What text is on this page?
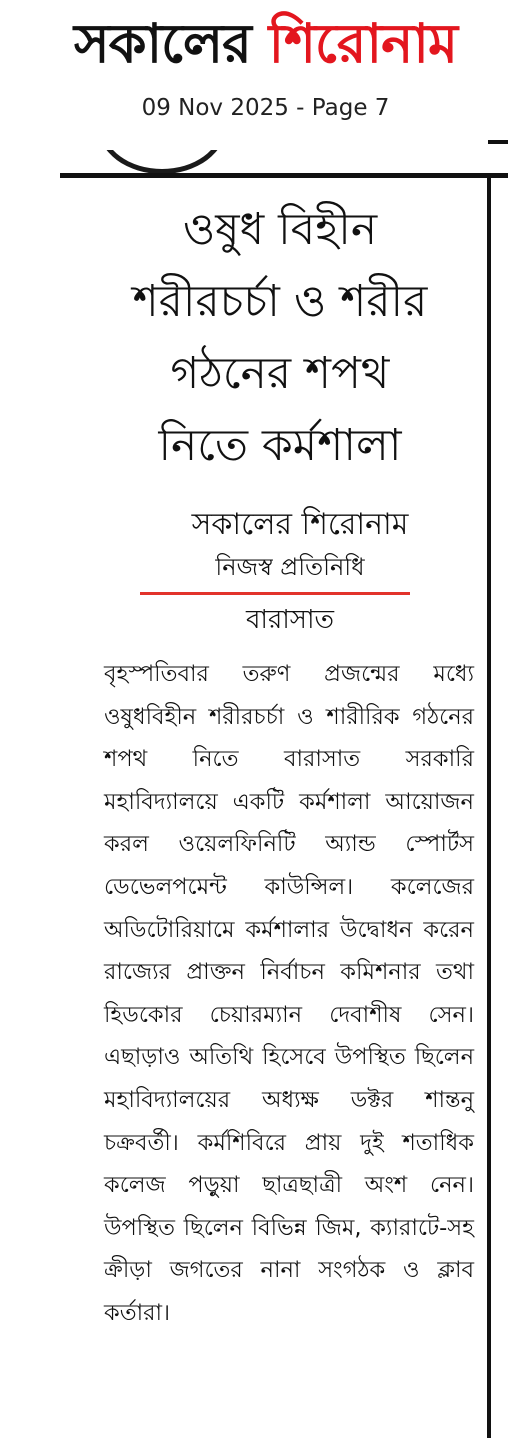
সকালের শিরোনাম
09 Nov 2025 - Page 7
ওষুধ বিহীন
শরীরচর্চা ও শরীর
গঠনের শপথ
নিতে কর্মশালা
সকালের শিরোনাম
নিজস্ব প্রতিনিধি
বারাসাত

বৃহস্পতিবার তরুণ প্রজন্মের মধ্যে ওষুধবিহীন শরীরচর্চা ও শারীরিক গঠনের শপথ নিতে বারাসাত সরকারি মহাবিদ্যালয়ে একটি কর্মশালা আয়োজন করল ওয়েলফিনিটি অ্যান্ড স্পোর্টস ডেভেলপমেন্ট কাউন্সিল। কলেজের অডিটোরিয়ামে কর্মশালার উদ্বোধন করেন রাজ্যের প্রাক্তন নির্বাচন কমিশনার তথা হিডকোর চেয়ারম্যান দেবাশীষ সেন। এছাড়াও অতিথি হিসেবে উপস্থিত ছিলেন মহাবিদ্যালয়ের অধ্যক্ষ ডক্টর শান্তনু চক্রবর্তী। কর্মশিবিরে প্রায় দুই শতাধিক কলেজ পড়ুয়া ছাত্রছাত্রী অংশ নেন। উপস্থিত ছিলেন বিভিন্ন জিম, ক্যারাটে-সহ ক্রীড়া জগতের নানা সংগঠক ও ক্লাব কর্তারা।
